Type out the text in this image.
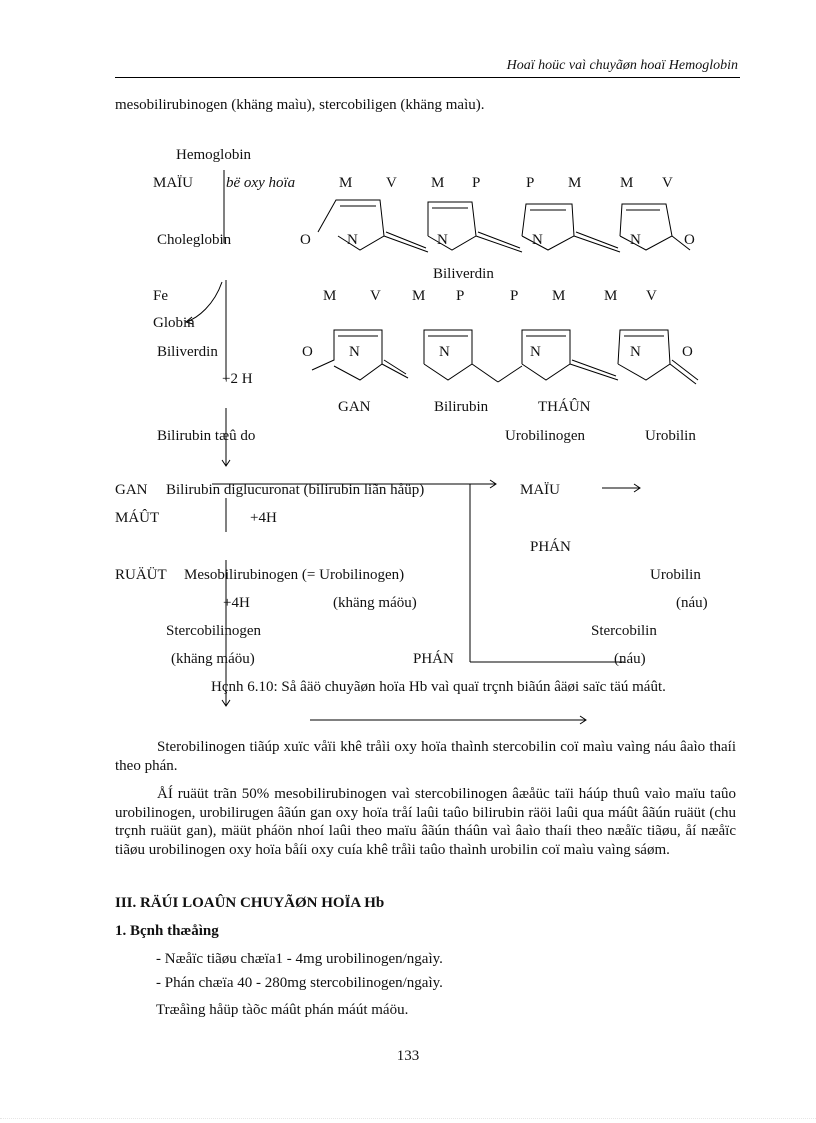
Hoaï hoüc vaì chuyãøn hoaï Hemoglobin
mesobilirubinogen (khäng maìu), stercobiligen (khäng maìu).
Hemoglobin
MAÏU bë oxy hoïa	M V M P	P M	M V
Choleglobin	O N	N	N	N	O
Biliverdin
Fe	M V M P	P M	M V
Globin
Biliverdin	O N	N	N	N	O
+2 H
GAN	Bilirubin	THÁÛN
Bilirubin tæû do	Urobilinogen	Urobilin
GAN Bilirubin diglucuronat (bilirubin liãn håüp)	MAÏU
MÁÛT	+4H
PHÁN
RUÄÜT Mesobilirubinogen (= Urobilinogen)	Urobilin
+4H	(khäng máöu)	(náu)
Stercobilinogen	Stercobilin
(khäng máöu)	PHÁN	(náu)
Hçnh 6.10: Så âäö chuyãøn hoïa Hb vaì quaï trçnh biãún âäøi saïc täú máût.
Sterobilinogen tiãúp xuïc våïi khê tråìi oxy hoïa thaình stercobilin coï maìu vaìng náu âaìo thaíi theo phán.
ÅÍ ruäüt trãn 50% mesobilirubinogen vaì stercobilinogen âæåüc taïi háúp thuû vaìo maïu taûo urobilinogen, urobilirugen âãún gan oxy hoïa tråí laûi taûo bilirubin räöi laûi qua máût âãún ruäüt (chu trçnh ruäüt gan), mäüt pháön nhoí laûi theo maïu âãún tháûn vaì âaìo thaíi theo næåïc tiãøu, åí næåïc tiãøu urobilinogen oxy hoïa båíi oxy cuía khê tråìi taûo thaình urobilin coï maìu vaìng sáøm.
III. RÄÚI LOAÛN CHUYÃØN HOÏA Hb
1. Bçnh thæåìng
- Næåïc tiãøu chæïa1 - 4mg urobilinogen/ngaìy.
- Phán chæïa 40 - 280mg stercobilinogen/ngaìy.
Træåìng håüp tàõc máût phán máút máöu.
133
